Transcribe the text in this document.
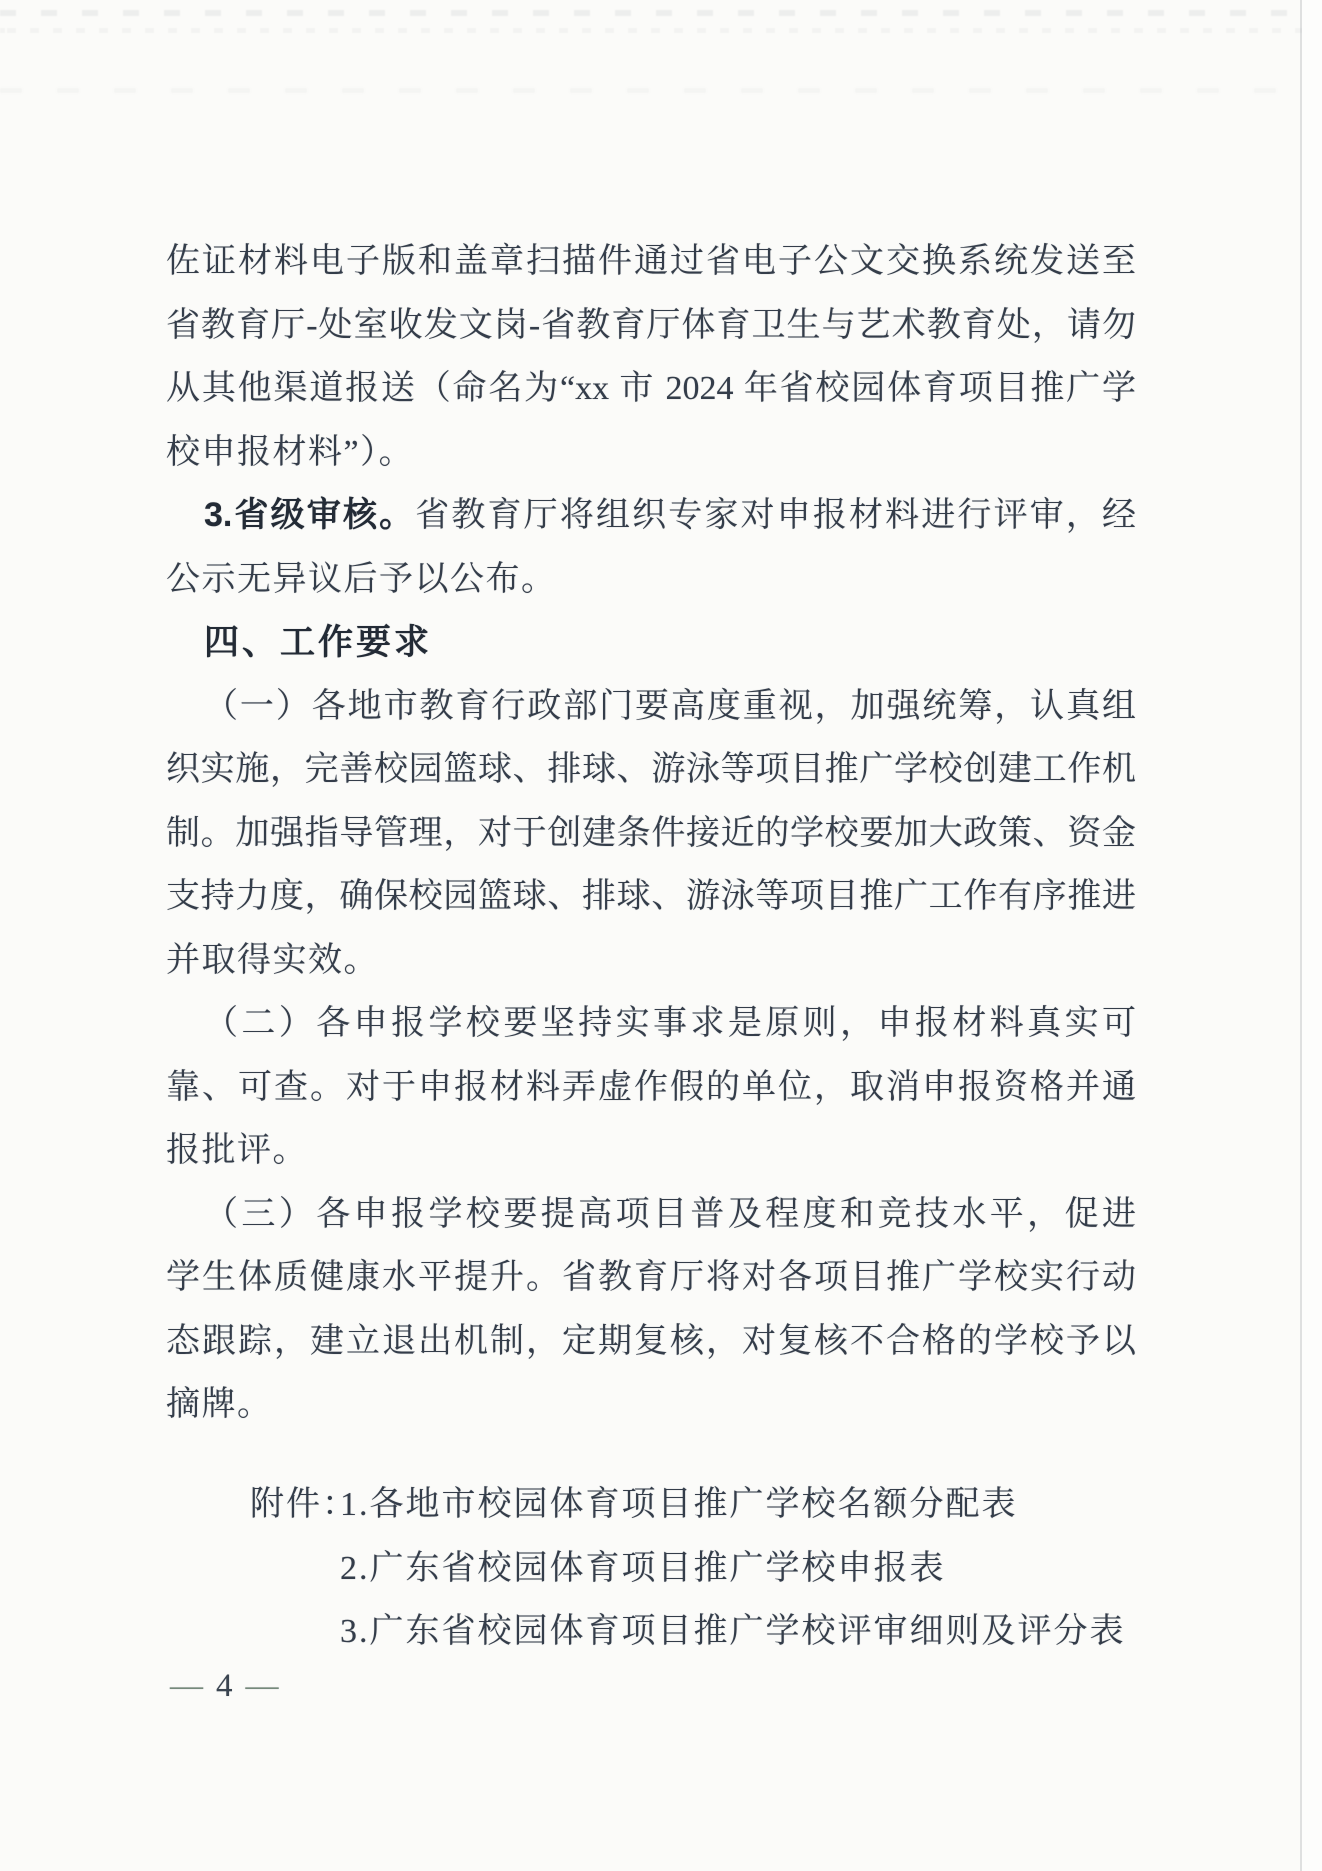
佐证材料电子版和盖章扫描件通过省电子公文交换系统发送至
省教育厅-处室收发文岗-省教育厅体育卫生与艺术教育处，请勿
从其他渠道报送（命名为“xx 市 2024 年省校园体育项目推广学
校申报材料”）。
3.省级审核。省教育厅将组织专家对申报材料进行评审，经
公示无异议后予以公布。
四、工作要求
（一）各地市教育行政部门要高度重视，加强统筹，认真组
织实施，完善校园篮球、排球、游泳等项目推广学校创建工作机
制。加强指导管理，对于创建条件接近的学校要加大政策、资金
支持力度，确保校园篮球、排球、游泳等项目推广工作有序推进
并取得实效。
（二）各申报学校要坚持实事求是原则，申报材料真实可
靠、可查。对于申报材料弄虚作假的单位，取消申报资格并通
报批评。
（三）各申报学校要提高项目普及程度和竞技水平，促进
学生体质健康水平提升。省教育厅将对各项目推广学校实行动
态跟踪，建立退出机制，定期复核，对复核不合格的学校予以
摘牌。
附件：
1.各地市校园体育项目推广学校名额分配表
2.广东省校园体育项目推广学校申报表
3.广东省校园体育项目推广学校评审细则及评分表
— 4 —
